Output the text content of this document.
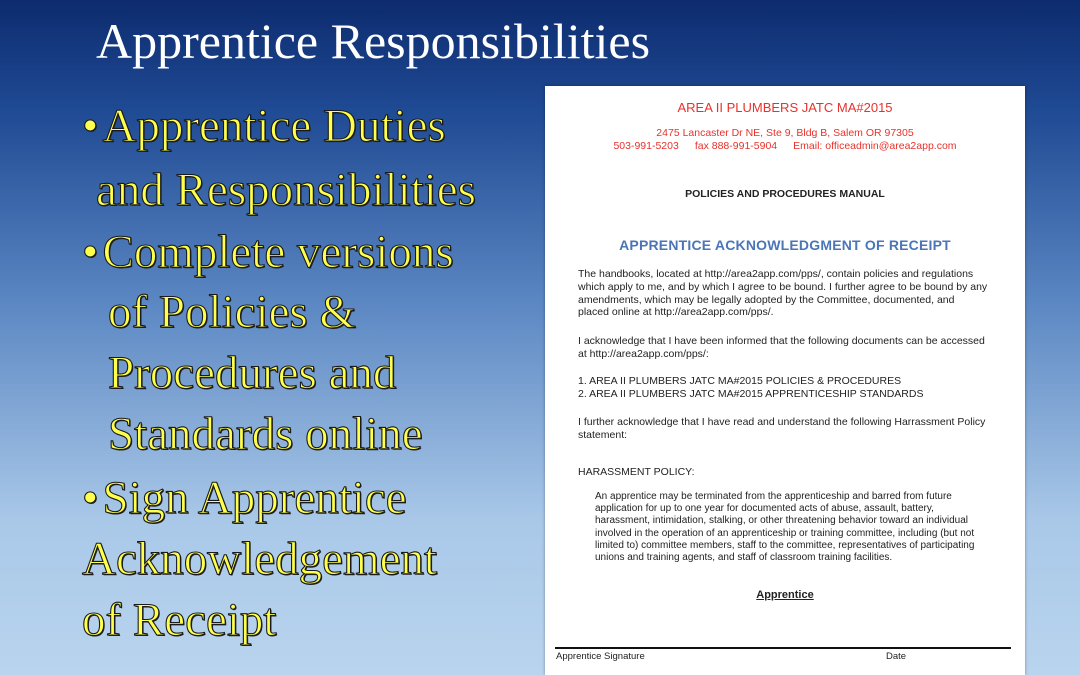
Apprentice Responsibilities
•Apprentice Duties
and Responsibilities
•Complete versions
of Policies &
Procedures and
Standards online
•Sign Apprentice
Acknowledgement
of Receipt
AREA II PLUMBERS JATC MA#2015
2475 Lancaster Dr NE, Ste 9, Bldg B, Salem OR 97305
503-991-5203 fax 888-991-5904 Email: officeadmin@area2app.com
POLICIES AND PROCEDURES MANUAL
APPRENTICE ACKNOWLEDGMENT OF RECEIPT
The handbooks, located at http://area2app.com/pps/, contain policies and regulations which apply to me, and by which I agree to be bound. I further agree to be bound by any amendments, which may be legally adopted by the Committee, documented, and placed online at http://area2app.com/pps/.
I acknowledge that I have been informed that the following documents can be accessed at http://area2app.com/pps/:
1. AREA II PLUMBERS JATC MA#2015 POLICIES & PROCEDURES
2. AREA II PLUMBERS JATC MA#2015 APPRENTICESHIP STANDARDS
I further acknowledge that I have read and understand the following Harrassment Policy statement:
HARASSMENT POLICY:
An apprentice may be terminated from the apprenticeship and barred from future application for up to one year for documented acts of abuse, assault, battery, harassment, intimidation, stalking, or other threatening behavior toward an individual involved in the operation of an apprenticeship or training committee, including (but not limited to) committee members, staff to the committee, representatives of participating unions and training agents, and staff of classroom training facilities.
Apprentice
Apprentice Signature	Date
